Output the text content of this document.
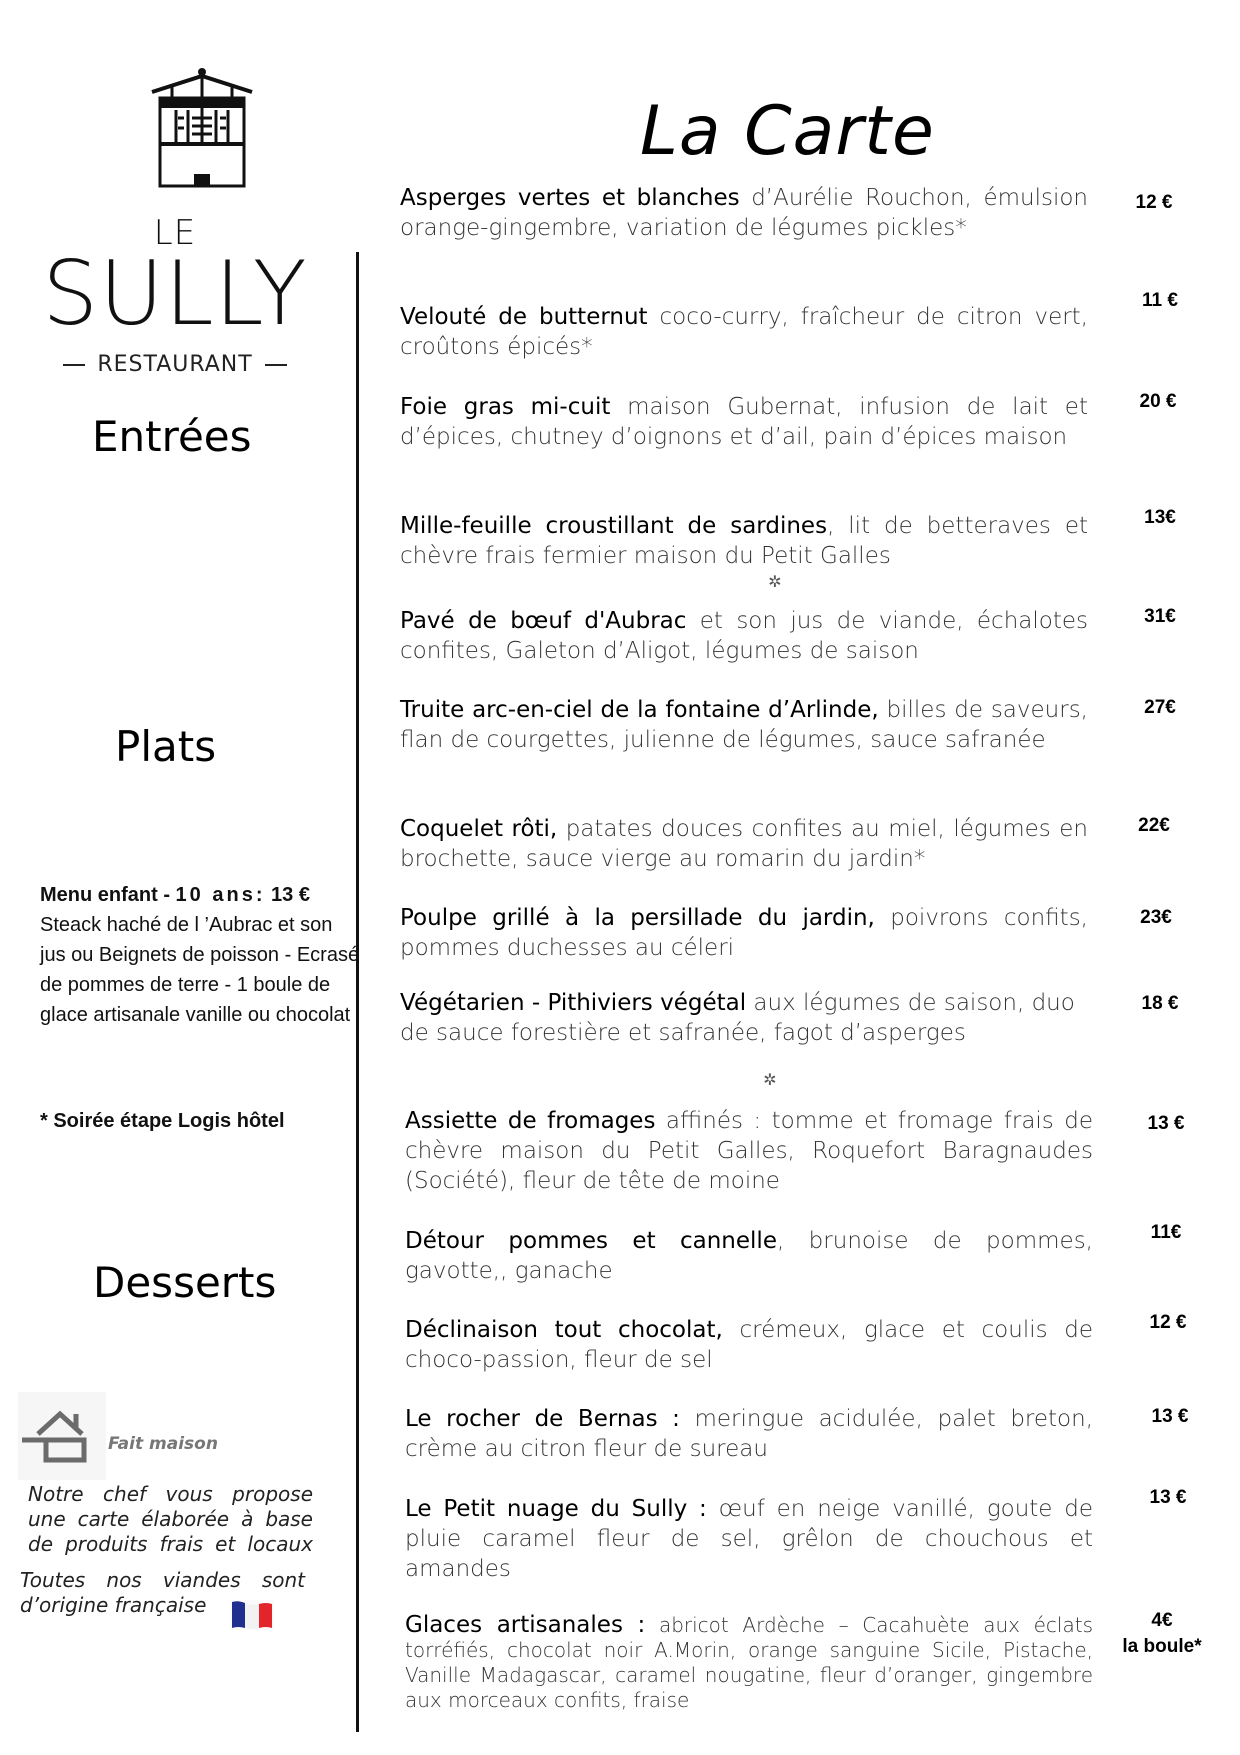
LE
SULLY
RESTAURANT
La Carte
Entrées
Plats
Desserts
Menu enfant - 10 ans: 13 €
Steack haché de l ’Aubrac et son jus ou Beignets de poisson - Ecrasé de pommes de terre - 1 boule de glace artisanale vanille ou chocolat
* Soirée étape Logis hôtel
Fait maison
Notre chef vous propose une carte élaborée à base de produits frais et locaux
Toutes nos viandes sont
d’origine française
Asperges vertes et blanches d’Aurélie Rouchon, émulsion orange-gingembre, variation de légumes pickles*
12 €
Velouté de butternut coco-curry, fraîcheur de citron vert, croûtons épicés*
11 €
Foie gras mi-cuit maison Gubernat, infusion de lait et d’épices, chutney d’oignons et d’ail, pain d’épices maison
20 €
Mille-feuille croustillant de sardines, lit de betteraves et chèvre frais fermier maison du Petit Galles
13€
✲
Pavé de bœuf d'Aubrac et son jus de viande, échalotes confites, Galeton d’Aligot, légumes de saison
31€
Truite arc-en-ciel de la fontaine d’Arlinde, billes de saveurs, flan de courgettes, julienne de légumes, sauce safranée
27€
Coquelet rôti, patates douces confites au miel, légumes en brochette, sauce vierge au romarin du jardin*
22€
Poulpe grillé à la persillade du jardin, poivrons confits, pommes duchesses au céleri
23€
Végétarien - Pithiviers végétal aux légumes de saison, duo de sauce forestière et safranée, fagot d’asperges
18 €
✲
Assiette de fromages affinés : tomme et fromage frais de chèvre maison du Petit Galles, Roquefort Baragnaudes (Société), fleur de tête de moine
13 €
Détour pommes et cannelle, brunoise de pommes, gavotte,, ganache
11€
Déclinaison tout chocolat, crémeux, glace et coulis de choco-passion, fleur de sel
12 €
Le rocher de Bernas : meringue acidulée, palet breton, crème au citron fleur de sureau
13 €
Le Petit nuage du Sully : œuf en neige vanillé, goute de pluie caramel fleur de sel, grêlon de chouchous et amandes
13 €
Glaces artisanales : abricot Ardèche – Cacahuète aux éclats torréfiés, chocolat noir A.Morin, orange sanguine Sicile, Pistache, Vanille Madagascar, caramel nougatine, fleur d’oranger, gingembre aux morceaux confits, fraise
4€
la boule*
